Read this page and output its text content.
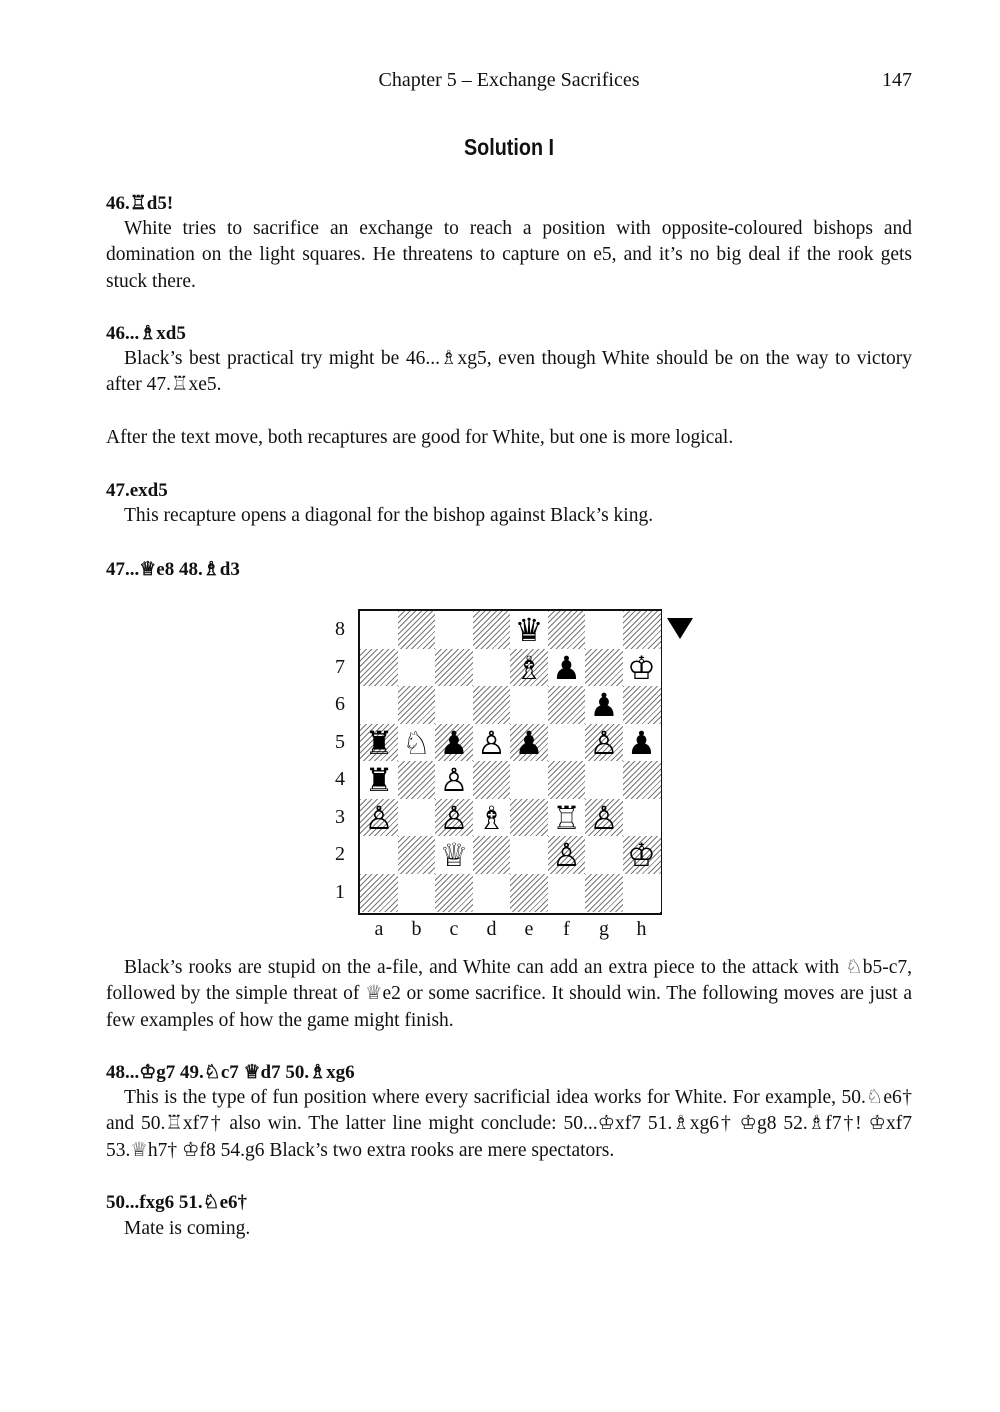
Chapter 5 – Exchange Sacrifices	147
Solution I
46.♖d5!
White tries to sacrifice an exchange to reach a position with opposite-coloured bishops and domination on the light squares. He threatens to capture on e5, and it’s no big deal if the rook gets stuck there.
46...♗xd5
Black’s best practical try might be 46...♗xg5, even though White should be on the way to victory after 47.♖xe5.
After the text move, both recaptures are good for White, but one is more logical.
47.exd5
This recapture opens a diagonal for the bishop against Black’s king.
47...♕e8 48.♗d3
Black’s rooks are stupid on the a-file, and White can add an extra piece to the attack with ♘b5-c7, followed by the simple threat of ♕e2 or some sacrifice. It should win. The following moves are just a few examples of how the game might finish.
48...♔g7 49.♘c7 ♕d7 50.♗xg6
This is the type of fun position where every sacrificial idea works for White. For example, 50.♘e6† and 50.♖xf7† also win. The latter line might conclude: 50...♔xf7 51.♗xg6† ♔g8 52.♗f7†! ♔xf7 53.♕h7† ♔f8 54.g6 Black’s two extra rooks are mere spectators.
50...fxg6 51.♘e6†
Mate is coming.
♛
♗ ♟ ♔
♟
♜ ♘ ♟ ♙ ♟ ♙ ♟
♜ ♙
♙ ♙ ♗ ♖ ♙
♕	♙ ♔
8
7
6
5
4
3
2
1
a	b	c	d	e	f	g	h
